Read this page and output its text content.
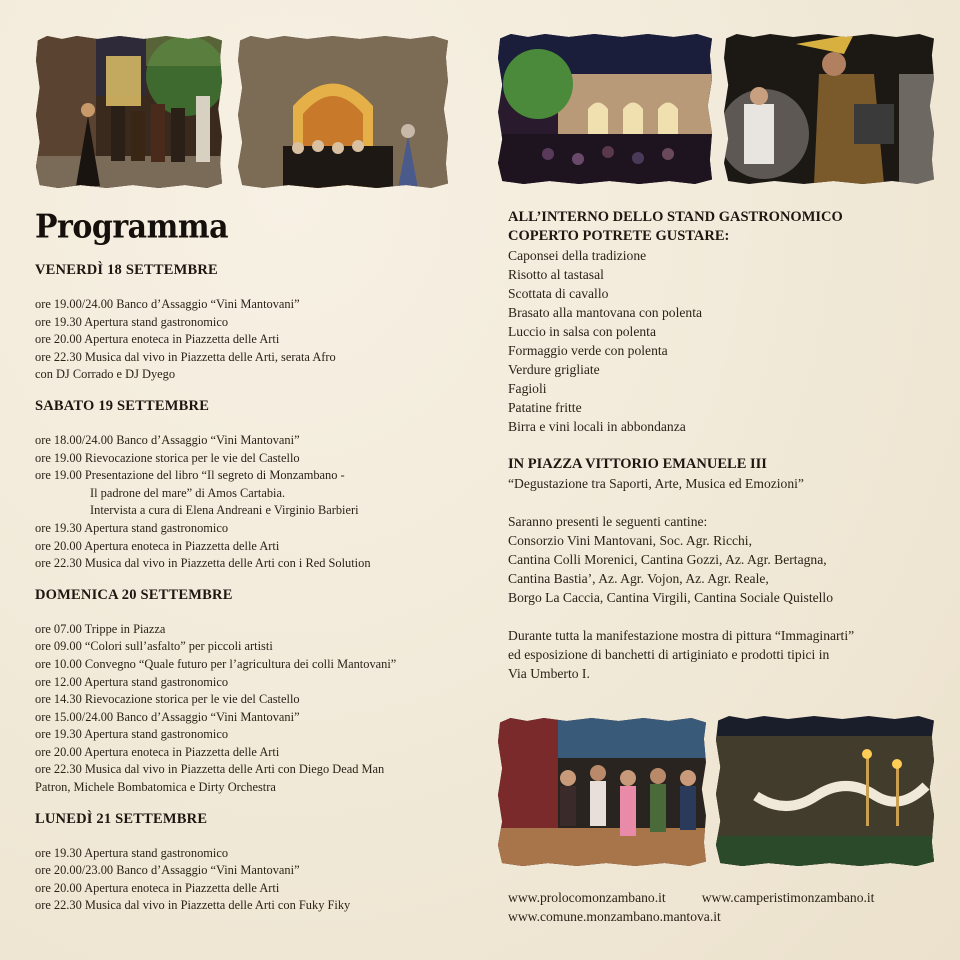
Programma
VENERDÌ 18 SETTEMBRE
ore 19.00/24.00 Banco d’Assaggio “Vini Mantovani”
ore 19.30 Apertura stand gastronomico
ore 20.00 Apertura enoteca in Piazzetta delle Arti
ore 22.30 Musica dal vivo in Piazzetta delle Arti, serata Afro
con DJ Corrado e DJ Dyego
SABATO 19 SETTEMBRE
ore 18.00/24.00 Banco d’Assaggio “Vini Mantovani”
ore 19.00 Rievocazione storica per le vie del Castello
ore 19.00 Presentazione del libro “Il segreto di Monzambano -
Il padrone del mare” di Amos Cartabia.
Intervista a cura di Elena Andreani e Virginio Barbieri
ore 19.30 Apertura stand gastronomico
ore 20.00 Apertura enoteca in Piazzetta delle Arti
ore 22.30 Musica dal vivo in Piazzetta delle Arti con i Red Solution
DOMENICA 20 SETTEMBRE
ore 07.00 Trippe in Piazza
ore 09.00 “Colori sull’asfalto” per piccoli artisti
ore 10.00 Convegno “Quale futuro per l’agricultura dei colli Mantovani”
ore 12.00 Apertura stand gastronomico
ore 14.30 Rievocazione storica per le vie del Castello
ore 15.00/24.00 Banco d’Assaggio “Vini Mantovani”
ore 19.30 Apertura stand gastronomico
ore 20.00 Apertura enoteca in Piazzetta delle Arti
ore 22.30 Musica dal vivo in Piazzetta delle Arti con Diego Dead Man
Patron, Michele Bombatomica e Dirty Orchestra
LUNEDÌ 21 SETTEMBRE
ore 19.30 Apertura stand gastronomico
ore 20.00/23.00 Banco d’Assaggio “Vini Mantovani”
ore 20.00 Apertura enoteca in Piazzetta delle Arti
ore 22.30 Musica dal vivo in Piazzetta delle Arti con Fuky Fiky
ALL’INTERNO DELLO STAND GASTRONOMICO
COPERTO POTRETE GUSTARE:
Caponsei della tradizione
Risotto al tastasal
Scottata di cavallo
Brasato alla mantovana con polenta
Luccio in salsa con polenta
Formaggio verde con polenta
Verdure grigliate
Fagioli
Patatine fritte
Birra e vini locali in abbondanza
IN PIAZZA VITTORIO EMANUELE III
“Degustazione tra Saporti, Arte, Musica ed Emozioni”
Saranno presenti le seguenti cantine:
Consorzio Vini Mantovani, Soc. Agr. Ricchi,
Cantina Colli Morenici, Cantina Gozzi, Az. Agr. Bertagna,
Cantina Bastia’, Az. Agr. Vojon, Az. Agr. Reale,
Borgo La Caccia, Cantina Virgili, Cantina Sociale Quistello
Durante tutta la manifestazione mostra di pittura “Immaginarti”
ed esposizione di banchetti di artiginiato e prodotti tipici in
Via Umberto I.
www.prolocomonzambano.it	www.camperistimonzambano.it
www.comune.monzambano.mantova.it
